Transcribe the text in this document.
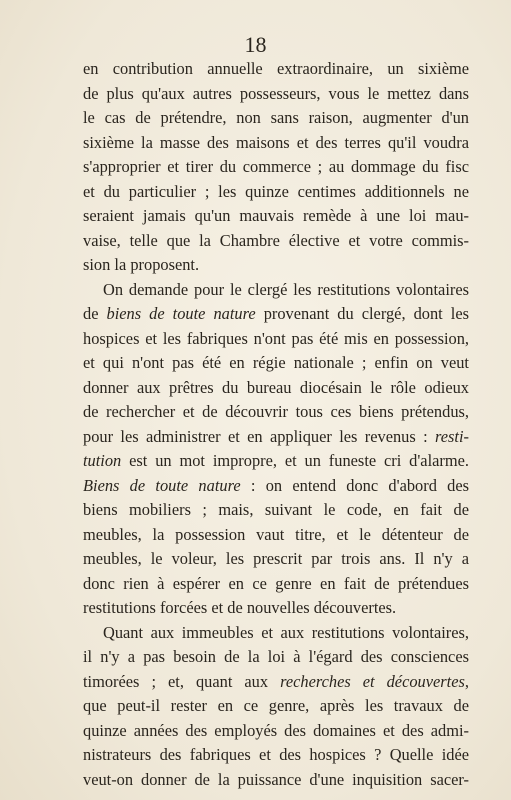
18
en contribution annuelle extraordinaire, un sixième
de plus qu'aux autres possesseurs, vous le mettez dans
le cas de prétendre, non sans raison, augmenter d'un
sixième la masse des maisons et des terres qu'il voudra
s'approprier et tirer du commerce ; au dommage du fisc
et du particulier ; les quinze centimes additionnels ne
seraient jamais qu'un mauvais remède à une loi mau-
vaise, telle que la Chambre élective et votre commis-
sion la proposent.
On demande pour le clergé les restitutions volontaires
de biens de toute nature provenant du clergé, dont les
hospices et les fabriques n'ont pas été mis en possession,
et qui n'ont pas été en régie nationale ; enfin on veut
donner aux prêtres du bureau diocésain le rôle odieux
de rechercher et de découvrir tous ces biens prétendus,
pour les administrer et en appliquer les revenus : resti-
tution est un mot impropre, et un funeste cri d'alarme.
Biens de toute nature : on entend donc d'abord des
biens mobiliers ; mais, suivant le code, en fait de
meubles, la possession vaut titre, et le détenteur de
meubles, le voleur, les prescrit par trois ans. Il n'y a
donc rien à espérer en ce genre en fait de prétendues
restitutions forcées et de nouvelles découvertes.
Quant aux immeubles et aux restitutions volontaires,
il n'y a pas besoin de la loi à l'égard des consciences
timorées ; et, quant aux recherches et découvertes,
que peut-il rester en ce genre, après les travaux de
quinze années des employés des domaines et des admi-
nistrateurs des fabriques et des hospices ? Quelle idée
veut-on donner de la puissance d'une inquisition sacer-
